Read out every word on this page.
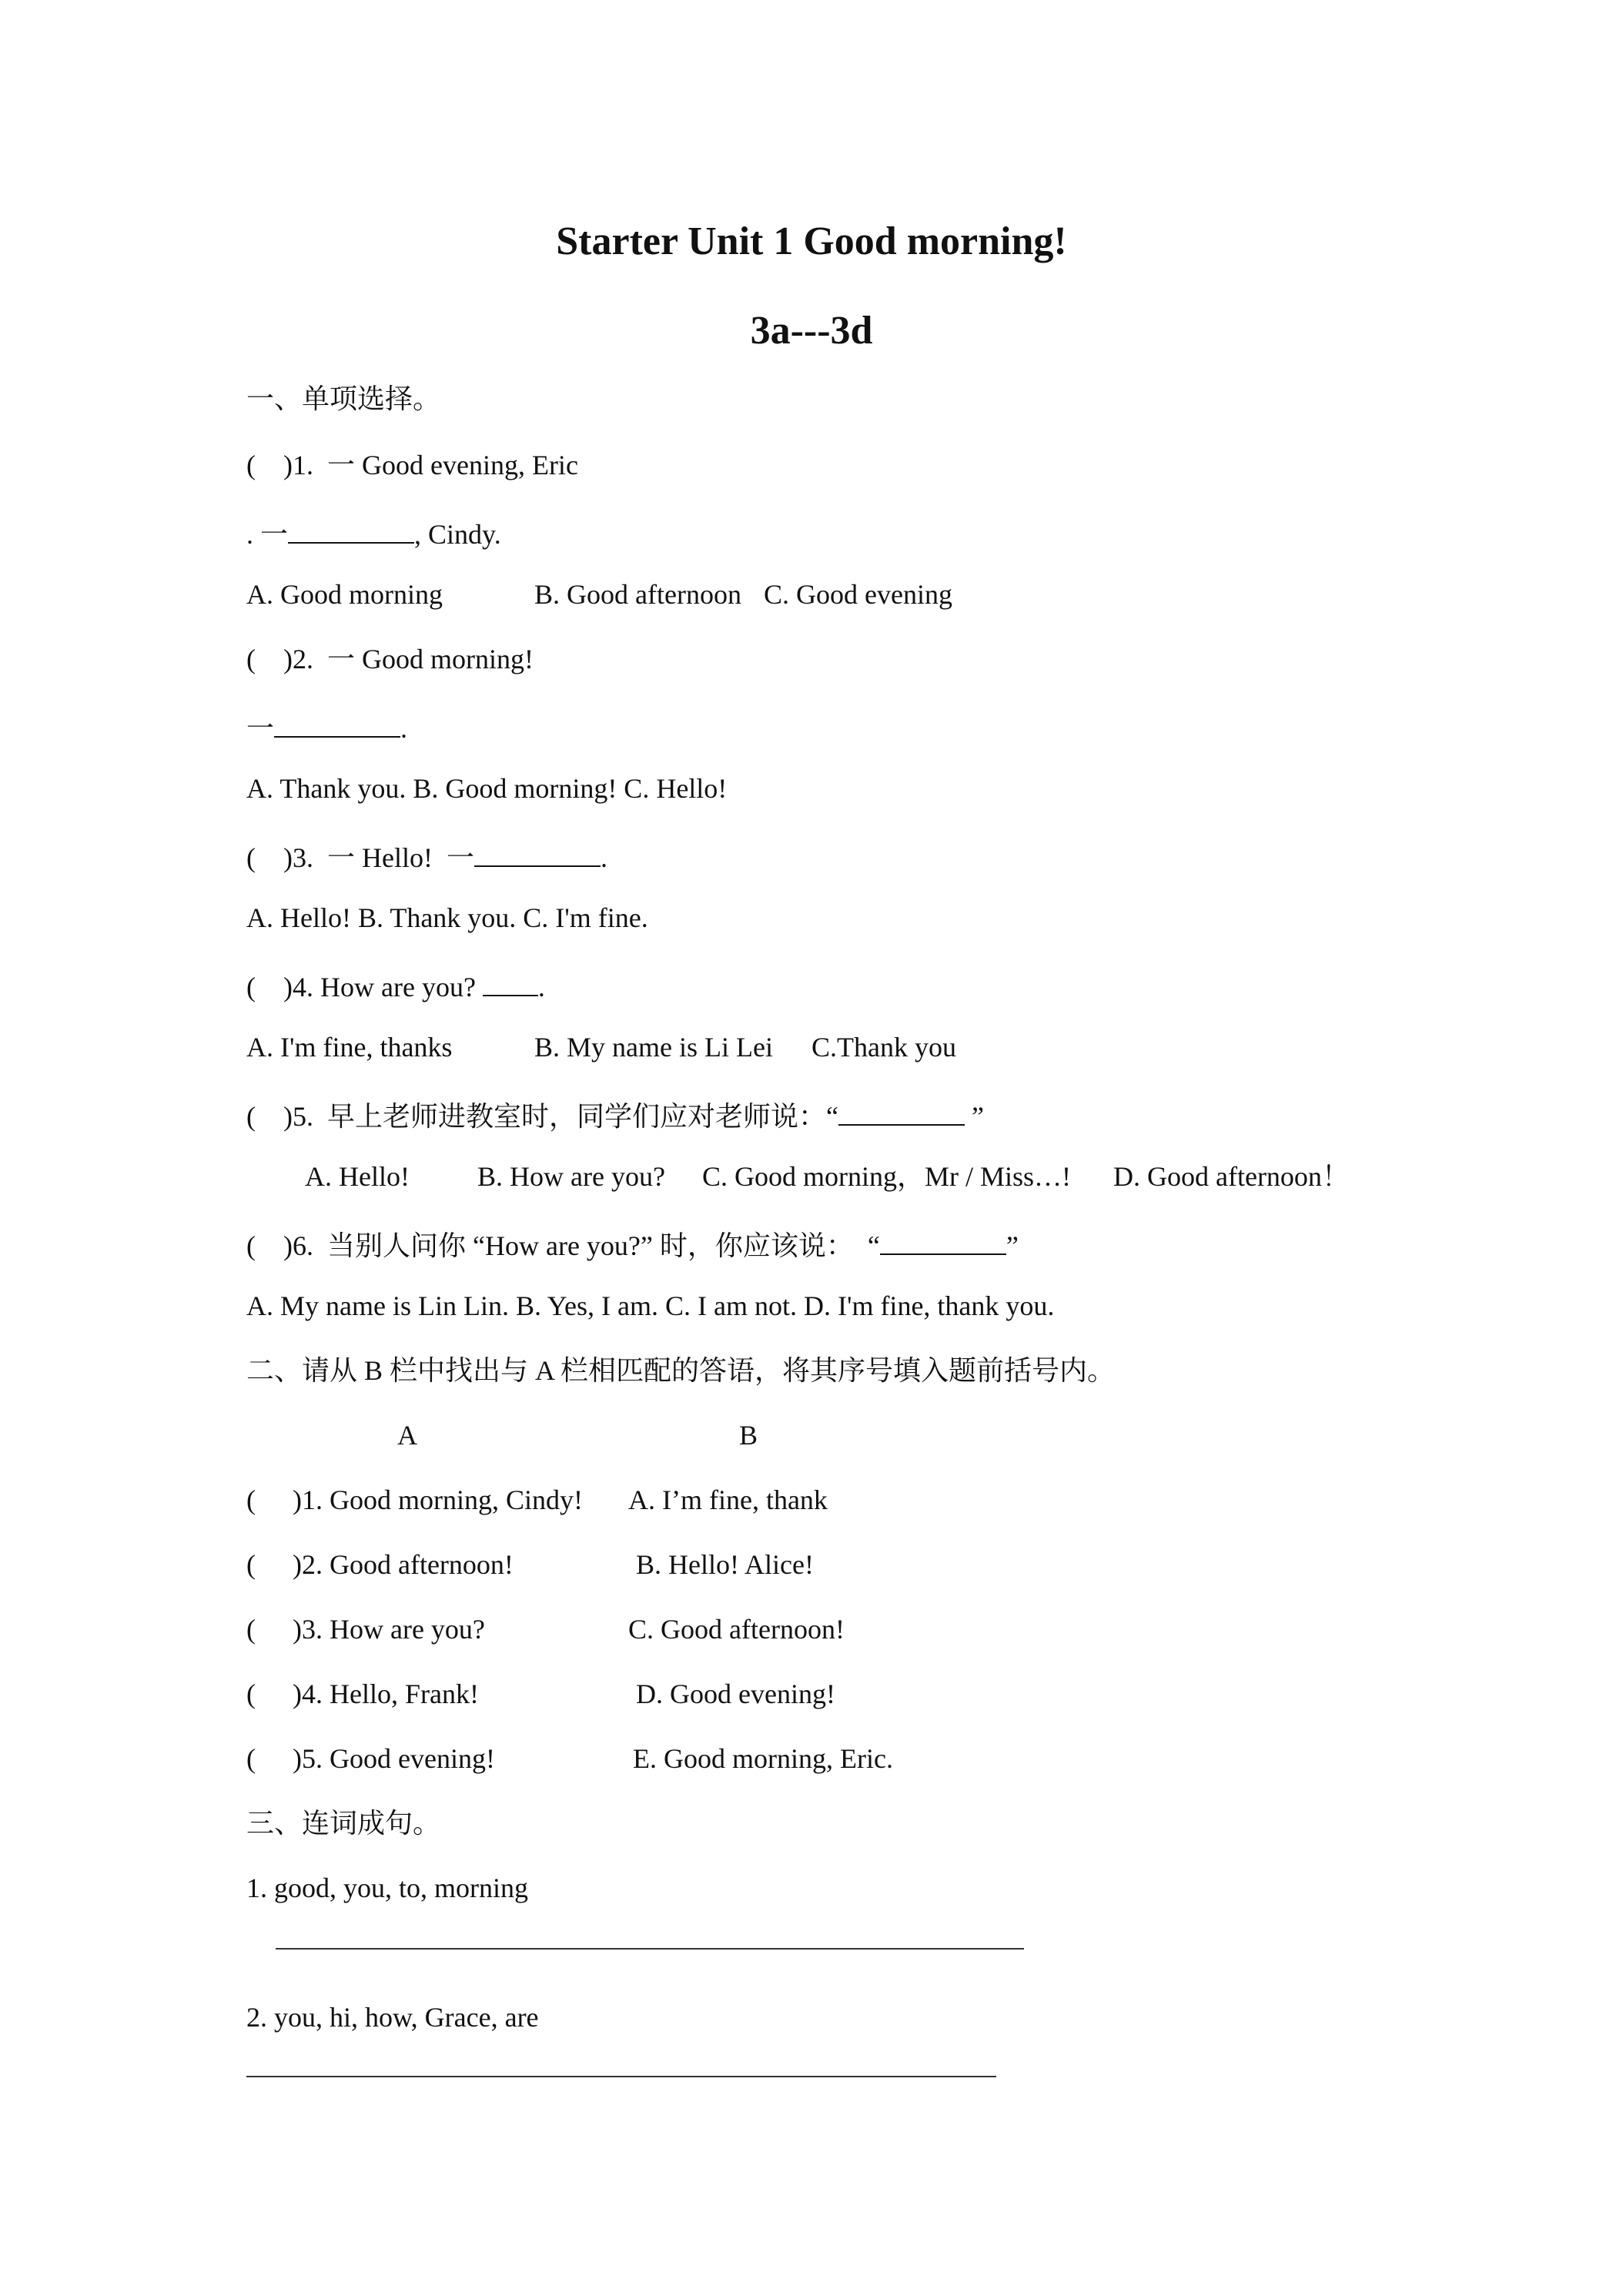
Starter Unit 1 Good morning!
3a---3d
一、单项选择。
( )1. 一 Good evening, Eric
. 一	, Cindy.
A. Good morning	B. Good afternoon C. Good evening
( )2. 一 Good morning!
一	.
A. Thank you. B. Good morning! C. Hello!
( )3. 一 Hello!  一	.
A. Hello! B. Thank you. C. I'm fine.
( )4. How are you? .
A. I'm fine, thanks	B. My name is Li Lei C.Thank you
( )5. 早上老师进教室时，同学们应对老师说：“	”
A. Hello! B. How are you? C. Good morning，Mr / Miss…! D. Good afternoon！
( )6. 当别人问你 “How are you?” 时，你应该说：  “	”
A. My name is Lin Lin. B. Yes, I am. C. I am not. D. I'm fine, thank you.
二、请从 B 栏中找出与 A 栏相匹配的答语，将其序号填入题前括号内。
A	B
( )1. Good morning, Cindy! A. I’m fine, thank
( )2. Good afternoon!	B. Hello! Alice!
( )3. How are you?	C. Good afternoon!
( )4. Hello, Frank!	D. Good evening!
( )5. Good evening!	E. Good morning, Eric.
三、连词成句。
1. good, you, to, morning
2. you, hi, how, Grace, are
